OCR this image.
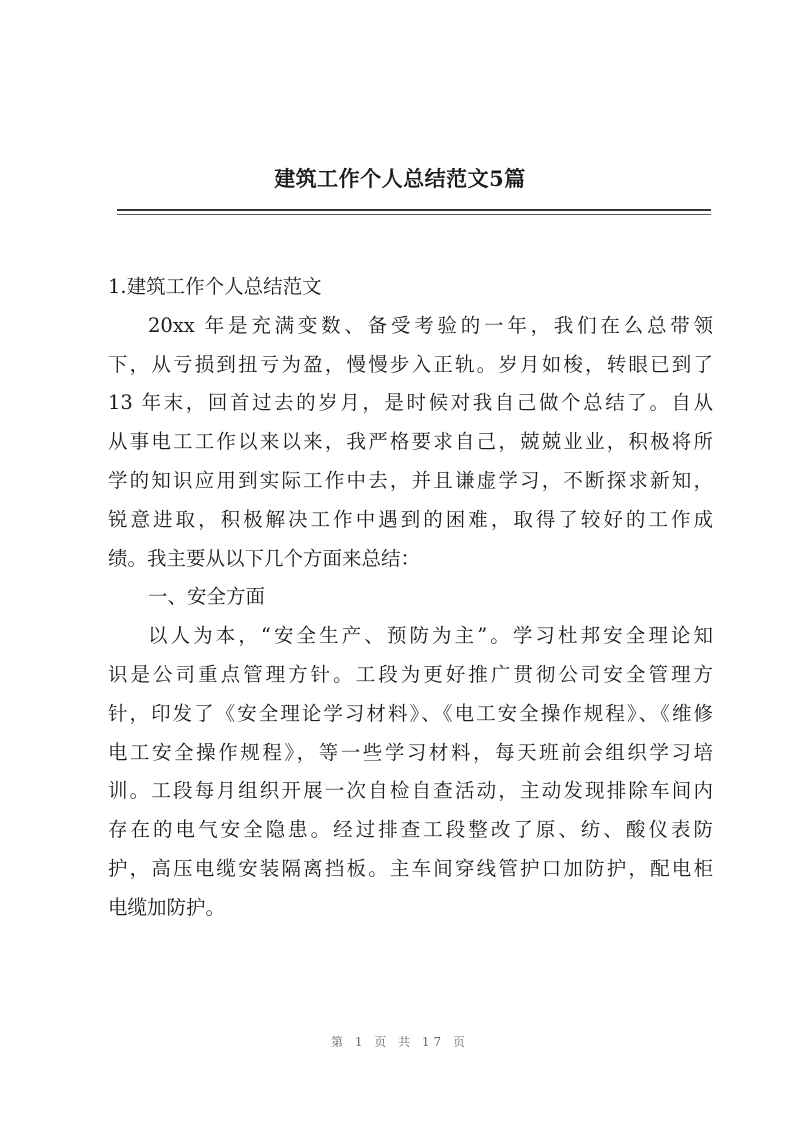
建筑工作个人总结范文5篇
1.建筑工作个人总结范文
20xx 年是充满变数、备受考验的一年，我们在么总带领
下，从亏损到扭亏为盈，慢慢步入正轨。岁月如梭，转眼已到了
13 年末，回首过去的岁月，是时候对我自己做个总结了。自从
从事电工工作以来以来，我严格要求自己，兢兢业业，积极将所
学的知识应用到实际工作中去，并且谦虚学习，不断探求新知，
锐意进取，积极解决工作中遇到的困难，取得了较好的工作成
绩。我主要从以下几个方面来总结：
一、安全方面
以人为本，“安全生产、预防为主”。学习杜邦安全理论知
识是公司重点管理方针。工段为更好推广贯彻公司安全管理方
针，印发了《安全理论学习材料》、《电工安全操作规程》、《维修
电工安全操作规程》，等一些学习材料，每天班前会组织学习培
训。工段每月组织开展一次自检自查活动，主动发现排除车间内
存在的电气安全隐患。经过排查工段整改了原、纺、酸仪表防
护，高压电缆安装隔离挡板。主车间穿线管护口加防护，配电柜
电缆加防护。
第 1 页 共 17 页
